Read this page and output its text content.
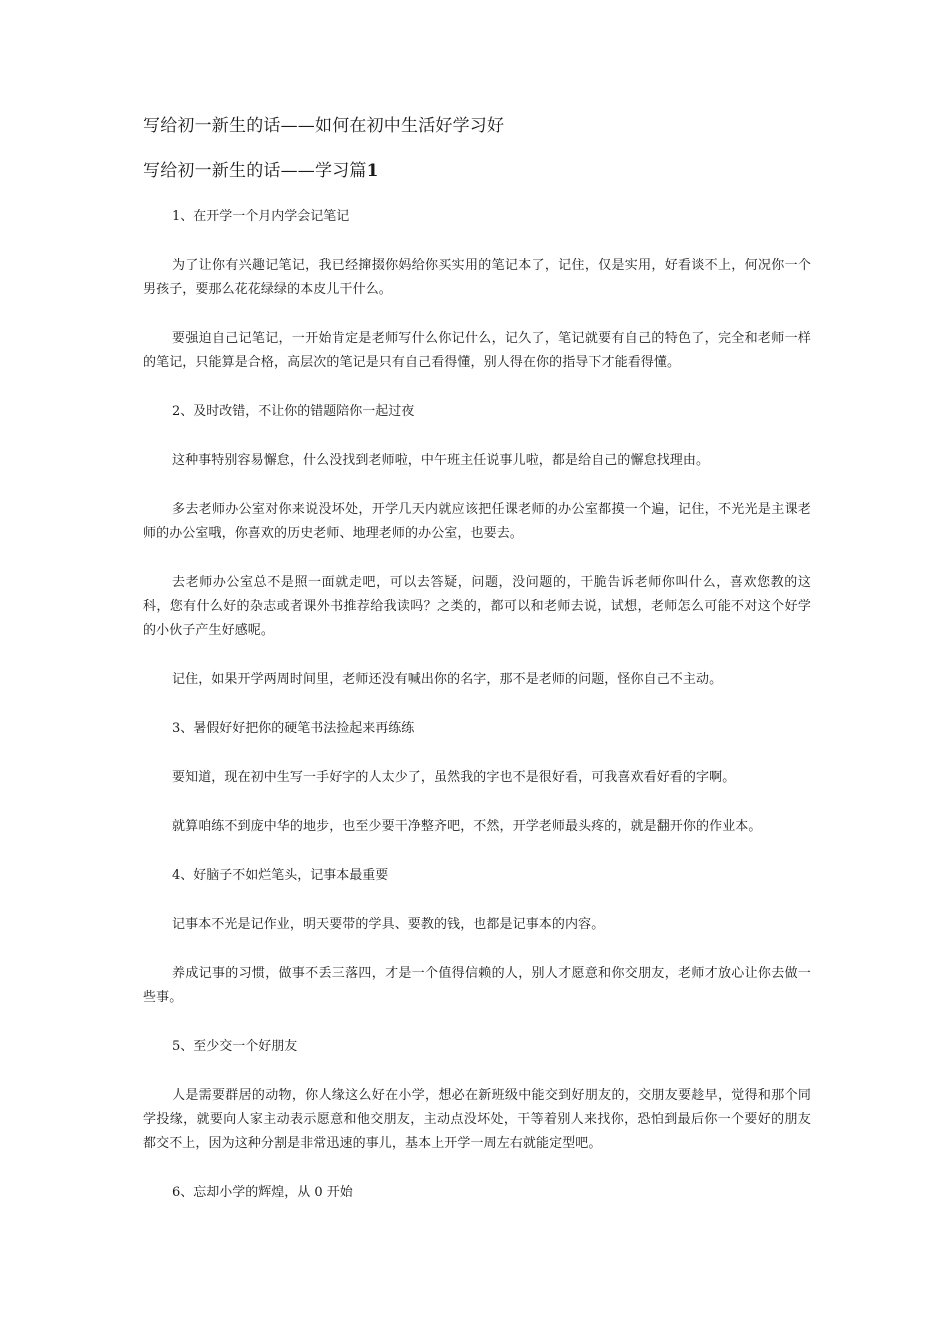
写给初一新生的话——如何在初中生活好学习好
写给初一新生的话——学习篇1
1、在开学一个月内学会记笔记
为了让你有兴趣记笔记，我已经撺掇你妈给你买实用的笔记本了，记住，仅是实用，好看谈不上，何况你一个男孩子，要那么花花绿绿的本皮儿干什么。
要强迫自己记笔记，一开始肯定是老师写什么你记什么，记久了，笔记就要有自己的特色了，完全和老师一样的笔记，只能算是合格，高层次的笔记是只有自己看得懂，别人得在你的指导下才能看得懂。
2、及时改错，不让你的错题陪你一起过夜
这种事特别容易懈怠，什么没找到老师啦，中午班主任说事儿啦，都是给自己的懈怠找理由。
多去老师办公室对你来说没坏处，开学几天内就应该把任课老师的办公室都摸一个遍，记住，不光光是主课老师的办公室哦，你喜欢的历史老师、地理老师的办公室，也要去。
去老师办公室总不是照一面就走吧，可以去答疑，问题，没问题的，干脆告诉老师你叫什么，喜欢您教的这科，您有什么好的杂志或者课外书推荐给我读吗？之类的，都可以和老师去说，试想，老师怎么可能不对这个好学的小伙子产生好感呢。
记住，如果开学两周时间里，老师还没有喊出你的名字，那不是老师的问题，怪你自己不主动。
3、暑假好好把你的硬笔书法捡起来再练练
要知道，现在初中生写一手好字的人太少了，虽然我的字也不是很好看，可我喜欢看好看的字啊。
就算咱练不到庞中华的地步，也至少要干净整齐吧，不然，开学老师最头疼的，就是翻开你的作业本。
4、好脑子不如烂笔头，记事本最重要
记事本不光是记作业，明天要带的学具、要教的钱，也都是记事本的内容。
养成记事的习惯，做事不丢三落四，才是一个值得信赖的人，别人才愿意和你交朋友，老师才放心让你去做一些事。
5、至少交一个好朋友
人是需要群居的动物，你人缘这么好在小学，想必在新班级中能交到好朋友的，交朋友要趁早，觉得和那个同学投缘，就要向人家主动表示愿意和他交朋友，主动点没坏处，干等着别人来找你，恐怕到最后你一个要好的朋友都交不上，因为这种分割是非常迅速的事儿，基本上开学一周左右就能定型吧。
6、忘却小学的辉煌，从 0 开始
